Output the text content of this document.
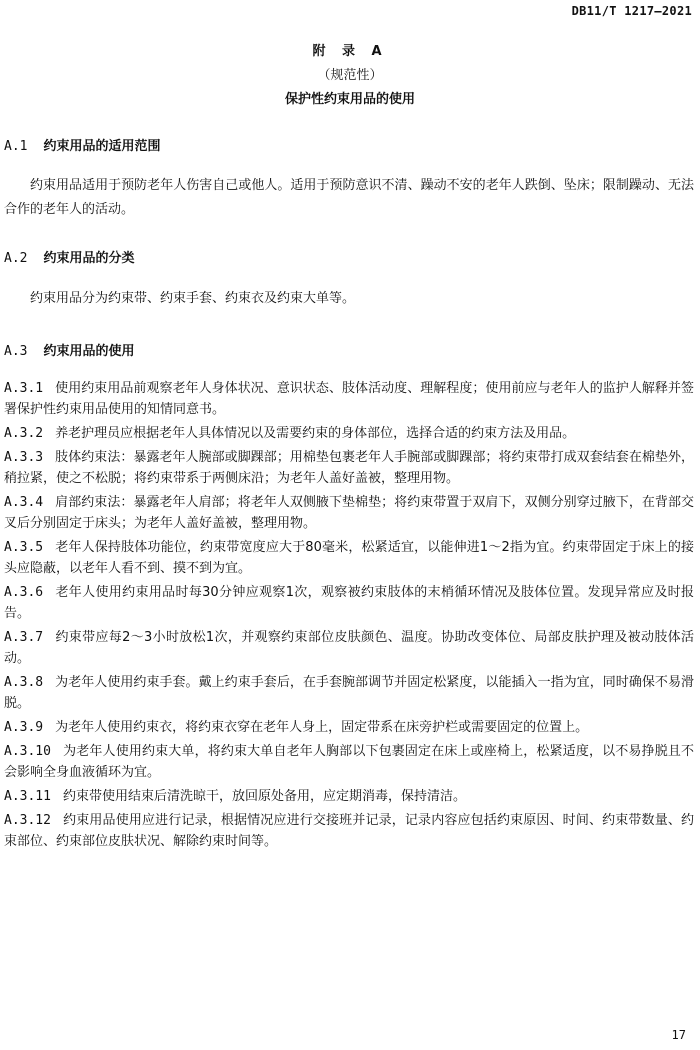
DB11/T 1217—2021
附 录 A
（规范性）
保护性约束用品的使用
A.1 约束用品的适用范围
约束用品适用于预防老年人伤害自己或他人。适用于预防意识不清、躁动不安的老年人跌倒、坠床；限制躁动、无法合作的老年人的活动。
A.2 约束用品的分类
约束用品分为约束带、约束手套、约束衣及约束大单等。
A.3 约束用品的使用
A.3.1 使用约束用品前观察老年人身体状况、意识状态、肢体活动度、理解程度；使用前应与老年人的监护人解释并签署保护性约束用品使用的知情同意书。
A.3.2 养老护理员应根据老年人具体情况以及需要约束的身体部位，选择合适的约束方法及用品。
A.3.3 肢体约束法：暴露老年人腕部或脚踝部；用棉垫包裹老年人手腕部或脚踝部；将约束带打成双套结套在棉垫外，稍拉紧，使之不松脱；将约束带系于两侧床沿；为老年人盖好盖被，整理用物。
A.3.4 肩部约束法：暴露老年人肩部；将老年人双侧腋下垫棉垫；将约束带置于双肩下，双侧分别穿过腋下，在背部交叉后分别固定于床头；为老年人盖好盖被，整理用物。
A.3.5 老年人保持肢体功能位，约束带宽度应大于80毫米，松紧适宜，以能伸进1～2指为宜。约束带固定于床上的接头应隐蔽，以老年人看不到、摸不到为宜。
A.3.6 老年人使用约束用品时每30分钟应观察1次，观察被约束肢体的末梢循环情况及肢体位置。发现异常应及时报告。
A.3.7 约束带应每2～3小时放松1次，并观察约束部位皮肤颜色、温度。协助改变体位、局部皮肤护理及被动肢体活动。
A.3.8 为老年人使用约束手套。戴上约束手套后，在手套腕部调节并固定松紧度，以能插入一指为宜，同时确保不易滑脱。
A.3.9 为老年人使用约束衣，将约束衣穿在老年人身上，固定带系在床旁护栏或需要固定的位置上。
A.3.10 为老年人使用约束大单，将约束大单自老年人胸部以下包裹固定在床上或座椅上，松紧适度，以不易挣脱且不会影响全身血液循环为宜。
A.3.11 约束带使用结束后清洗晾干，放回原处备用，应定期消毒，保持清洁。
A.3.12 约束用品使用应进行记录，根据情况应进行交接班并记录，记录内容应包括约束原因、时间、约束带数量、约束部位、约束部位皮肤状况、解除约束时间等。
17
